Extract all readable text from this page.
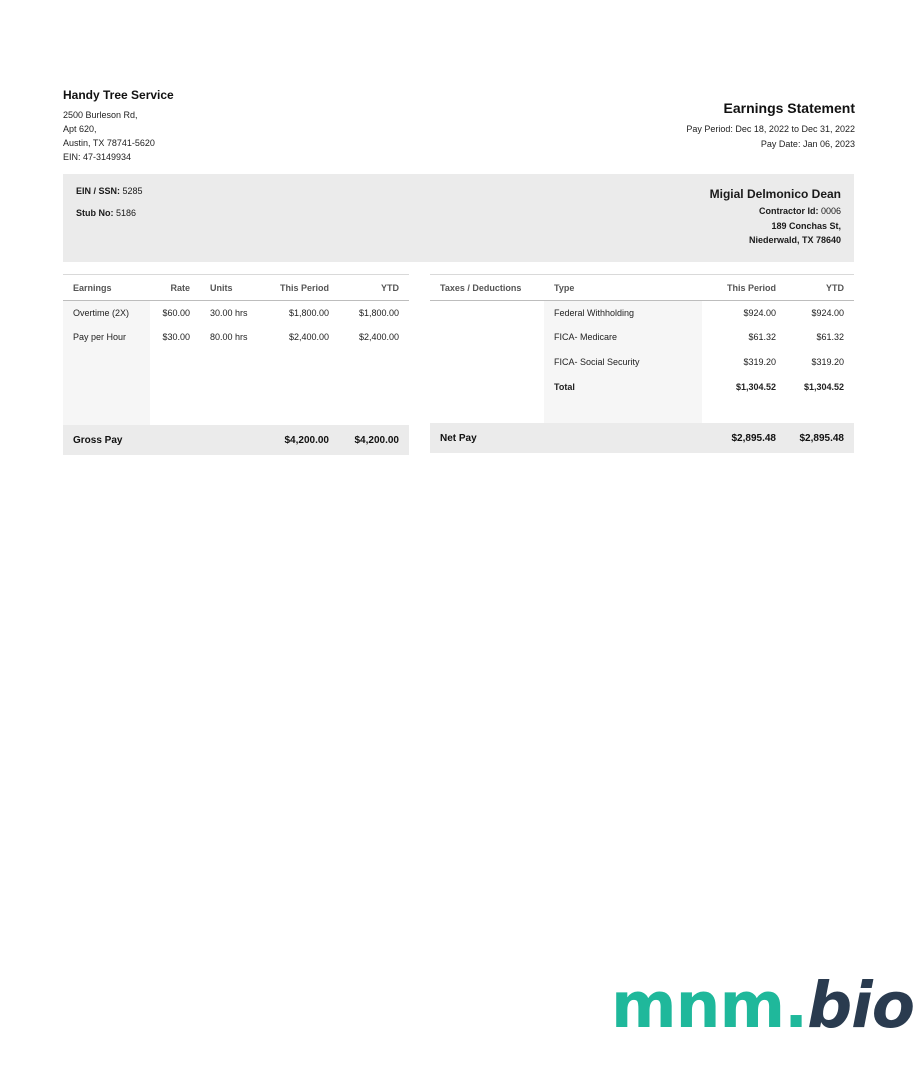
Handy Tree Service
2500 Burleson Rd,
Apt 620,
Austin, TX 78741-5620
EIN: 47-3149934
Earnings Statement
Pay Period: Dec 18, 2022 to Dec 31, 2022
Pay Date: Jan 06, 2023
EIN / SSN: 5285
Stub No: 5186
Migial Delmonico Dean
Contractor Id: 0006
189 Conchas St,
Niederwald, TX 78640
Earnings	Rate	Units	This Period	YTD
Overtime (2X)	$60.00	30.00 hrs	$1,800.00	$1,800.00
Pay per Hour	$30.00	80.00 hrs	$2,400.00	$2,400.00

Gross Pay			$4,200.00	$4,200.00
Taxes / Deductions	Type	This Period	YTD
	Federal Withholding	$924.00	$924.00
	FICA- Medicare	$61.32	$61.32
	FICA- Social Security	$319.20	$319.20
	Total	$1,304.52	$1,304.52

Net Pay		$2,895.48	$2,895.48
mnm.bio
